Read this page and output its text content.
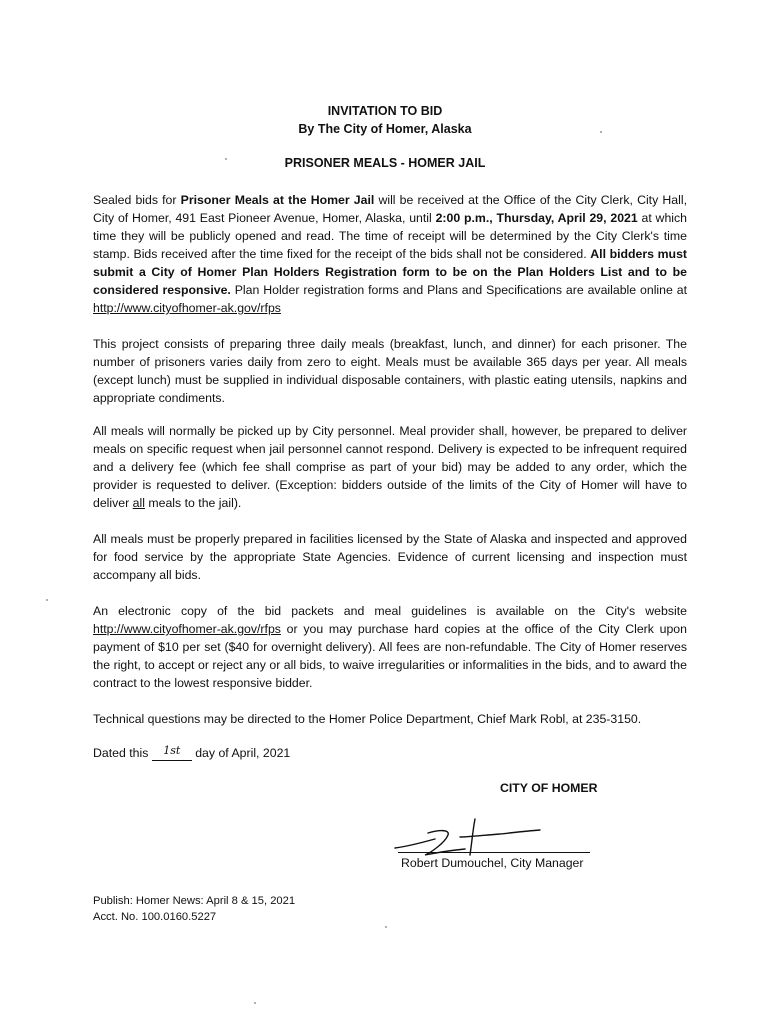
INVITATION TO BID
By The City of Homer, Alaska
PRISONER MEALS - HOMER JAIL

Sealed bids for Prisoner Meals at the Homer Jail will be received at the Office of the City Clerk, City Hall, City of Homer, 491 East Pioneer Avenue, Homer, Alaska, until 2:00 p.m., Thursday, April 29, 2021 at which time they will be publicly opened and read. The time of receipt will be determined by the City Clerk's time stamp. Bids received after the time fixed for the receipt of the bids shall not be considered. All bidders must submit a City of Homer Plan Holders Registration form to be on the Plan Holders List and to be considered responsive. Plan Holder registration forms and Plans and Specifications are available online at http://www.cityofhomer-ak.gov/rfps

This project consists of preparing three daily meals (breakfast, lunch, and dinner) for each prisoner. The number of prisoners varies daily from zero to eight. Meals must be available 365 days per year. All meals (except lunch) must be supplied in individual disposable containers, with plastic eating utensils, napkins and appropriate condiments.

All meals will normally be picked up by City personnel. Meal provider shall, however, be prepared to deliver meals on specific request when jail personnel cannot respond. Delivery is expected to be infrequent required and a delivery fee (which fee shall comprise as part of your bid) may be added to any order, which the provider is requested to deliver. (Exception: bidders outside of the limits of the City of Homer will have to deliver all meals to the jail).

All meals must be properly prepared in facilities licensed by the State of Alaska and inspected and approved for food service by the appropriate State Agencies. Evidence of current licensing and inspection must accompany all bids.

An electronic copy of the bid packets and meal guidelines is available on the City's website http://www.cityofhomer-ak.gov/rfps or you may purchase hard copies at the office of the City Clerk upon payment of $10 per set ($40 for overnight delivery). All fees are non-refundable. The City of Homer reserves the right, to accept or reject any or all bids, to waive irregularities or informalities in the bids, and to award the contract to the lowest responsive bidder.

Technical questions may be directed to the Homer Police Department, Chief Mark Robl, at 235-3150.

Dated this 1st day of April, 2021
CITY OF HOMER
Robert Dumouchel, City Manager
Publish: Homer News: April 8 & 15, 2021
Acct. No. 100.0160.5227
